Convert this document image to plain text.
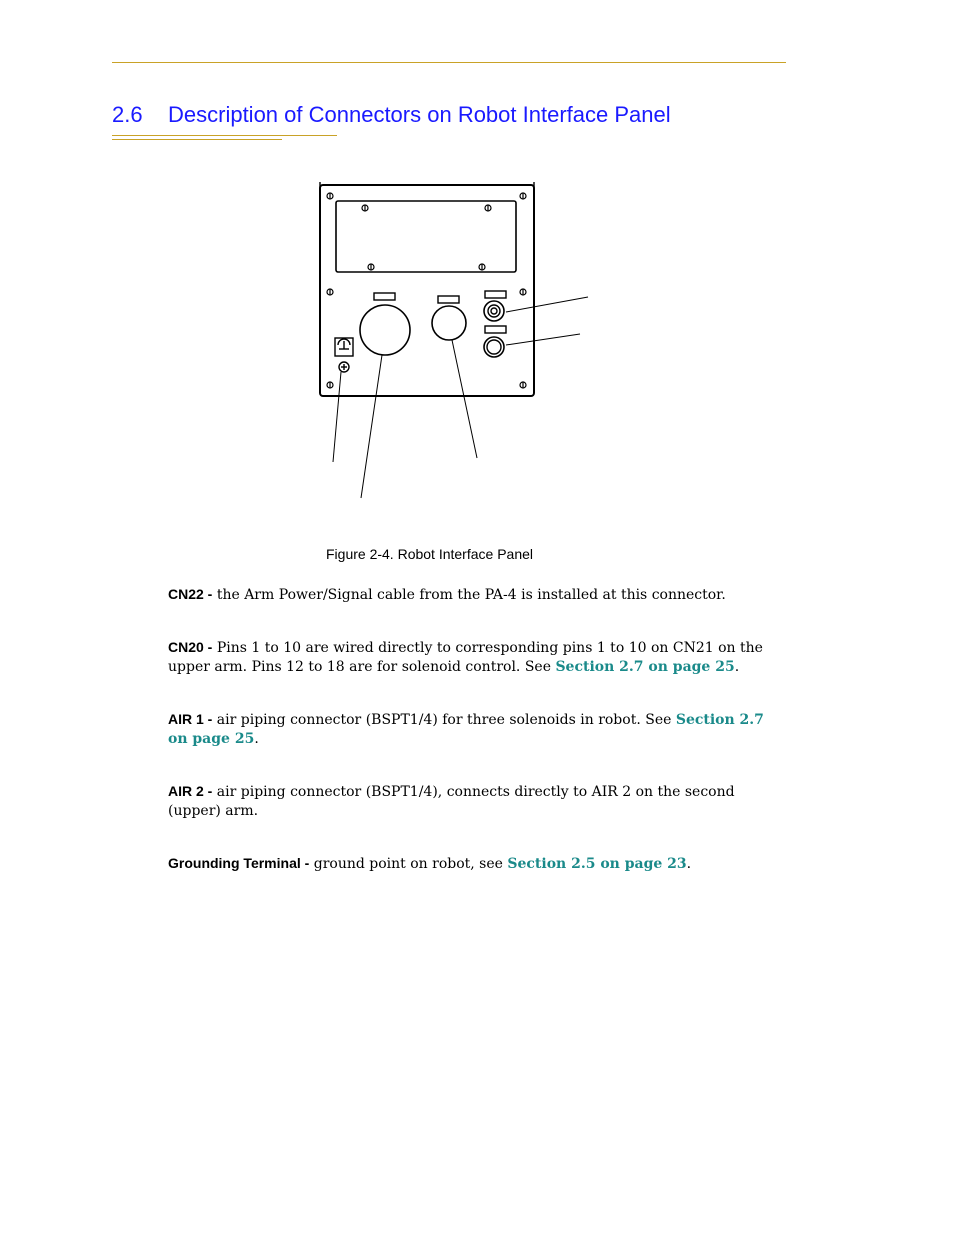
2.6 Description of Connectors on Robot Interface Panel
Figure 2-4. Robot Interface Panel

CN22 - the Arm Power/Signal cable from the PA-4 is installed at this connector.

CN20 - Pins 1 to 10 are wired directly to corresponding pins 1 to 10 on CN21 on the upper arm. Pins 12 to 18 are for solenoid control. See Section 2.7 on page 25.

AIR 1 - air piping connector (BSPT1/4) for three solenoids in robot. See Section 2.7 on page 25.

AIR 2 - air piping connector (BSPT1/4), connects directly to AIR 2 on the second (upper) arm.

Grounding Terminal - ground point on robot, see Section 2.5 on page 23.
